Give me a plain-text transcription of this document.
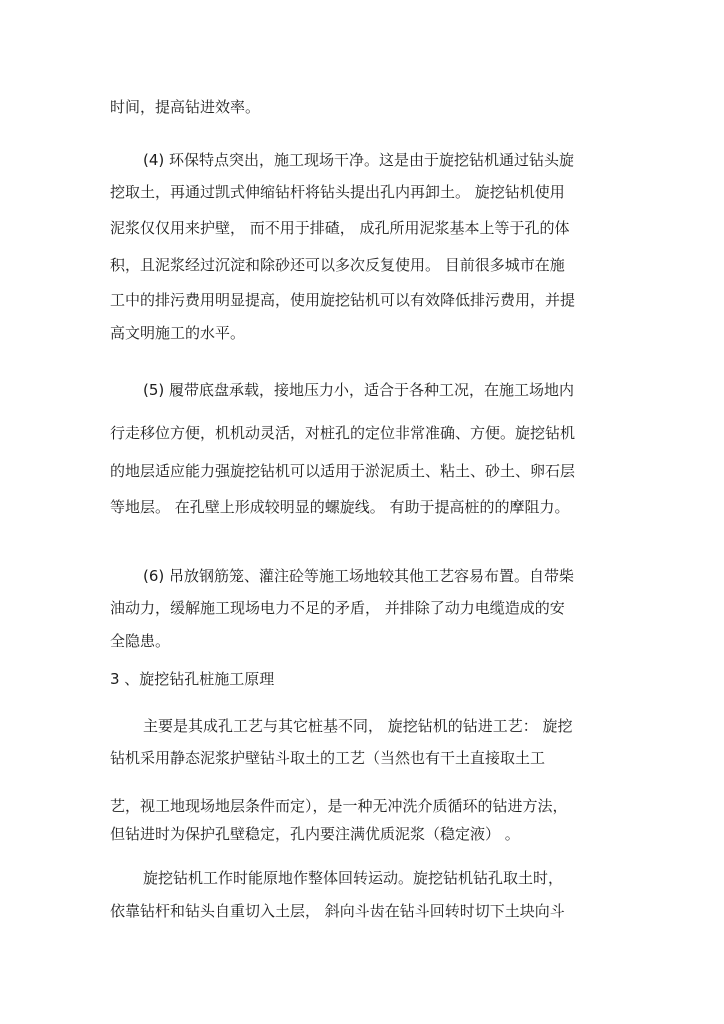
时间，提高钻进效率。
(4) 环保特点突出，施工现场干净。这是由于旋挖钻机通过钻头旋
挖取土，再通过凯式伸缩钻杆将钻头提出孔内再卸土。 旋挖钻机使用
泥浆仅仅用来护壁， 而不用于排碴， 成孔所用泥浆基本上等于孔的体
积，且泥浆经过沉淀和除砂还可以多次反复使用。 目前很多城市在施
工中的排污费用明显提高，使用旋挖钻机可以有效降低排污费用，并提
高文明施工的水平。
(5) 履带底盘承载，接地压力小，适合于各种工况，在施工场地内
行走移位方便，机机动灵活，对桩孔的定位非常准确、方便。旋挖钻机
的地层适应能力强旋挖钻机可以适用于淤泥质土、粘土、砂土、卵石层
等地层。 在孔壁上形成较明显的螺旋线。 有助于提高桩的的摩阻力。
(6) 吊放钢筋笼、灌注砼等施工场地较其他工艺容易布置。自带柴
油动力，缓解施工现场电力不足的矛盾， 并排除了动力电缆造成的安
全隐患。
3 、旋挖钻孔桩施工原理
主要是其成孔工艺与其它桩基不同， 旋挖钻机的钻进工艺： 旋挖
钻机采用静态泥浆护壁钻斗取土的工艺（当然也有干土直接取土工
艺，视工地现场地层条件而定），是一种无冲洗介质循环的钻进方法，
但钻进时为保护孔壁稳定，孔内要注满优质泥浆（稳定液） 。
旋挖钻机工作时能原地作整体回转运动。旋挖钻机钻孔取土时，
依靠钻杆和钻头自重切入土层， 斜向斗齿在钻斗回转时切下土块向斗
